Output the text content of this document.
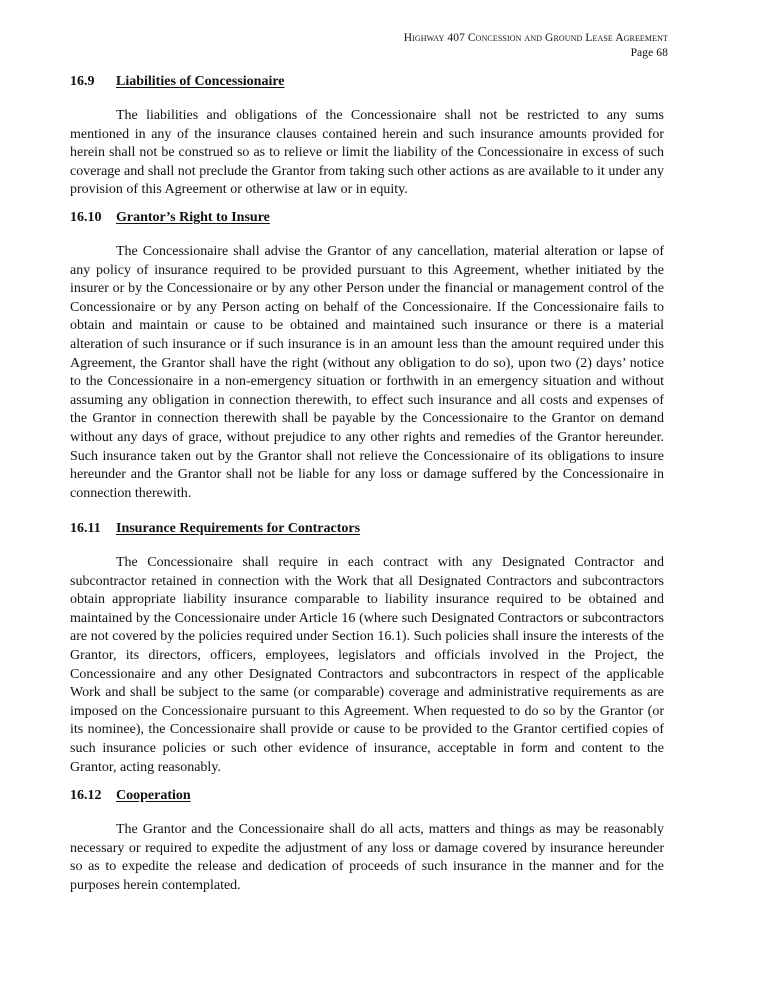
Highway 407 Concession and Ground Lease Agreement
Page 68

16.9 Liabilities of Concessionaire

The liabilities and obligations of the Concessionaire shall not be restricted to any sums mentioned in any of the insurance clauses contained herein and such insurance amounts provided for herein shall not be construed so as to relieve or limit the liability of the Concessionaire in excess of such coverage and shall not preclude the Grantor from taking such other actions as are available to it under any provision of this Agreement or otherwise at law or in equity.

16.10 Grantor’s Right to Insure

The Concessionaire shall advise the Grantor of any cancellation, material alteration or lapse of any policy of insurance required to be provided pursuant to this Agreement, whether initiated by the insurer or by the Concessionaire or by any other Person under the financial or management control of the Concessionaire or by any Person acting on behalf of the Concessionaire. If the Concessionaire fails to obtain and maintain or cause to be obtained and maintained such insurance or there is a material alteration of such insurance or if such insurance is in an amount less than the amount required under this Agreement, the Grantor shall have the right (without any obligation to do so), upon two (2) days’ notice to the Concessionaire in a non-emergency situation or forthwith in an emergency situation and without assuming any obligation in connection therewith, to effect such insurance and all costs and expenses of the Grantor in connection therewith shall be payable by the Concessionaire to the Grantor on demand without any days of grace, without prejudice to any other rights and remedies of the Grantor hereunder. Such insurance taken out by the Grantor shall not relieve the Concessionaire of its obligations to insure hereunder and the Grantor shall not be liable for any loss or damage suffered by the Concessionaire in connection therewith.

16.11 Insurance Requirements for Contractors

The Concessionaire shall require in each contract with any Designated Contractor and subcontractor retained in connection with the Work that all Designated Contractors and subcontractors obtain appropriate liability insurance comparable to liability insurance required to be obtained and maintained by the Concessionaire under Article 16 (where such Designated Contractors or subcontractors are not covered by the policies required under Section 16.1). Such policies shall insure the interests of the Grantor, its directors, officers, employees, legislators and officials involved in the Project, the Concessionaire and any other Designated Contractors and subcontractors in respect of the applicable Work and shall be subject to the same (or comparable) coverage and administrative requirements as are imposed on the Concessionaire pursuant to this Agreement. When requested to do so by the Grantor (or its nominee), the Concessionaire shall provide or cause to be provided to the Grantor certified copies of such insurance policies or such other evidence of insurance, acceptable in form and content to the Grantor, acting reasonably.

16.12 Cooperation

The Grantor and the Concessionaire shall do all acts, matters and things as may be reasonably necessary or required to expedite the adjustment of any loss or damage covered by insurance hereunder so as to expedite the release and dedication of proceeds of such insurance in the manner and for the purposes herein contemplated.
